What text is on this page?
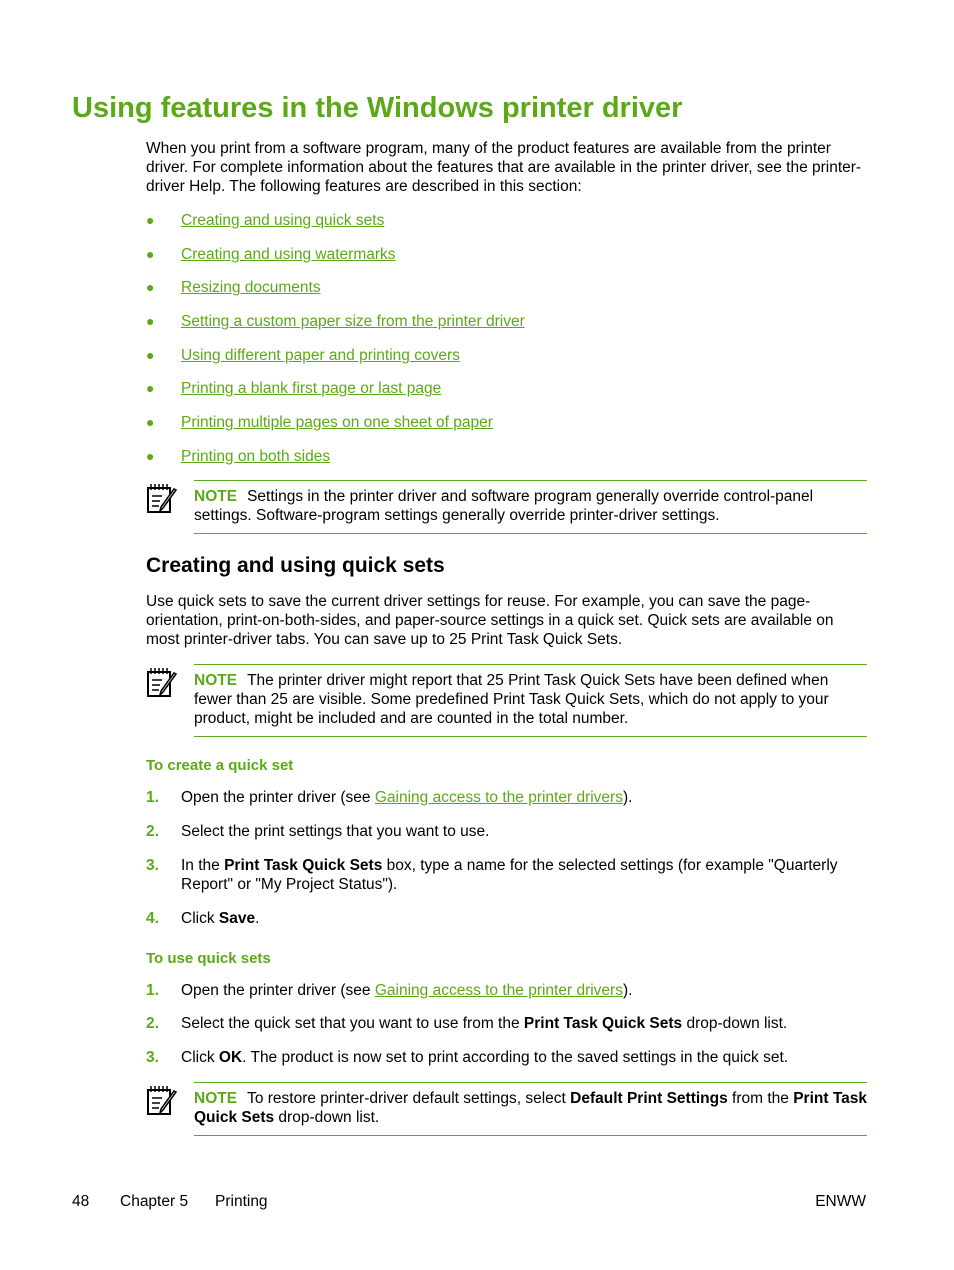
Using features in the Windows printer driver

When you print from a software program, many of the product features are available from the printer driver. For complete information about the features that are available in the printer driver, see the printer-driver Help. The following features are described in this section:

●	Creating and using quick sets
●	Creating and using watermarks
●	Resizing documents
●	Setting a custom paper size from the printer driver
●	Using different paper and printing covers
●	Printing a blank first page or last page
●	Printing multiple pages on one sheet of paper
●	Printing on both sides
NOTE Settings in the printer driver and software program generally override control-panel settings. Software-program settings generally override printer-driver settings.
Creating and using quick sets

Use quick sets to save the current driver settings for reuse. For example, you can save the page-orientation, print-on-both-sides, and paper-source settings in a quick set. Quick sets are available on most printer-driver tabs. You can save up to 25 Print Task Quick Sets.

NOTE The printer driver might report that 25 Print Task Quick Sets have been defined when fewer than 25 are visible. Some predefined Print Task Quick Sets, which do not apply to your product, might be included and are counted in the total number.
To create a quick set
1.	Open the printer driver (see Gaining access to the printer drivers).
2.	Select the print settings that you want to use.
3.	In the Print Task Quick Sets box, type a name for the selected settings (for example "Quarterly Report" or "My Project Status").
4.	Click Save.
To use quick sets
1.	Open the printer driver (see Gaining access to the printer drivers).
2.	Select the quick set that you want to use from the Print Task Quick Sets drop-down list.
3.	Click OK. The product is now set to print according to the saved settings in the quick set.
NOTE To restore printer-driver default settings, select Default Print Settings from the Print Task Quick Sets drop-down list.
48 Chapter 5 Printing	ENWW
